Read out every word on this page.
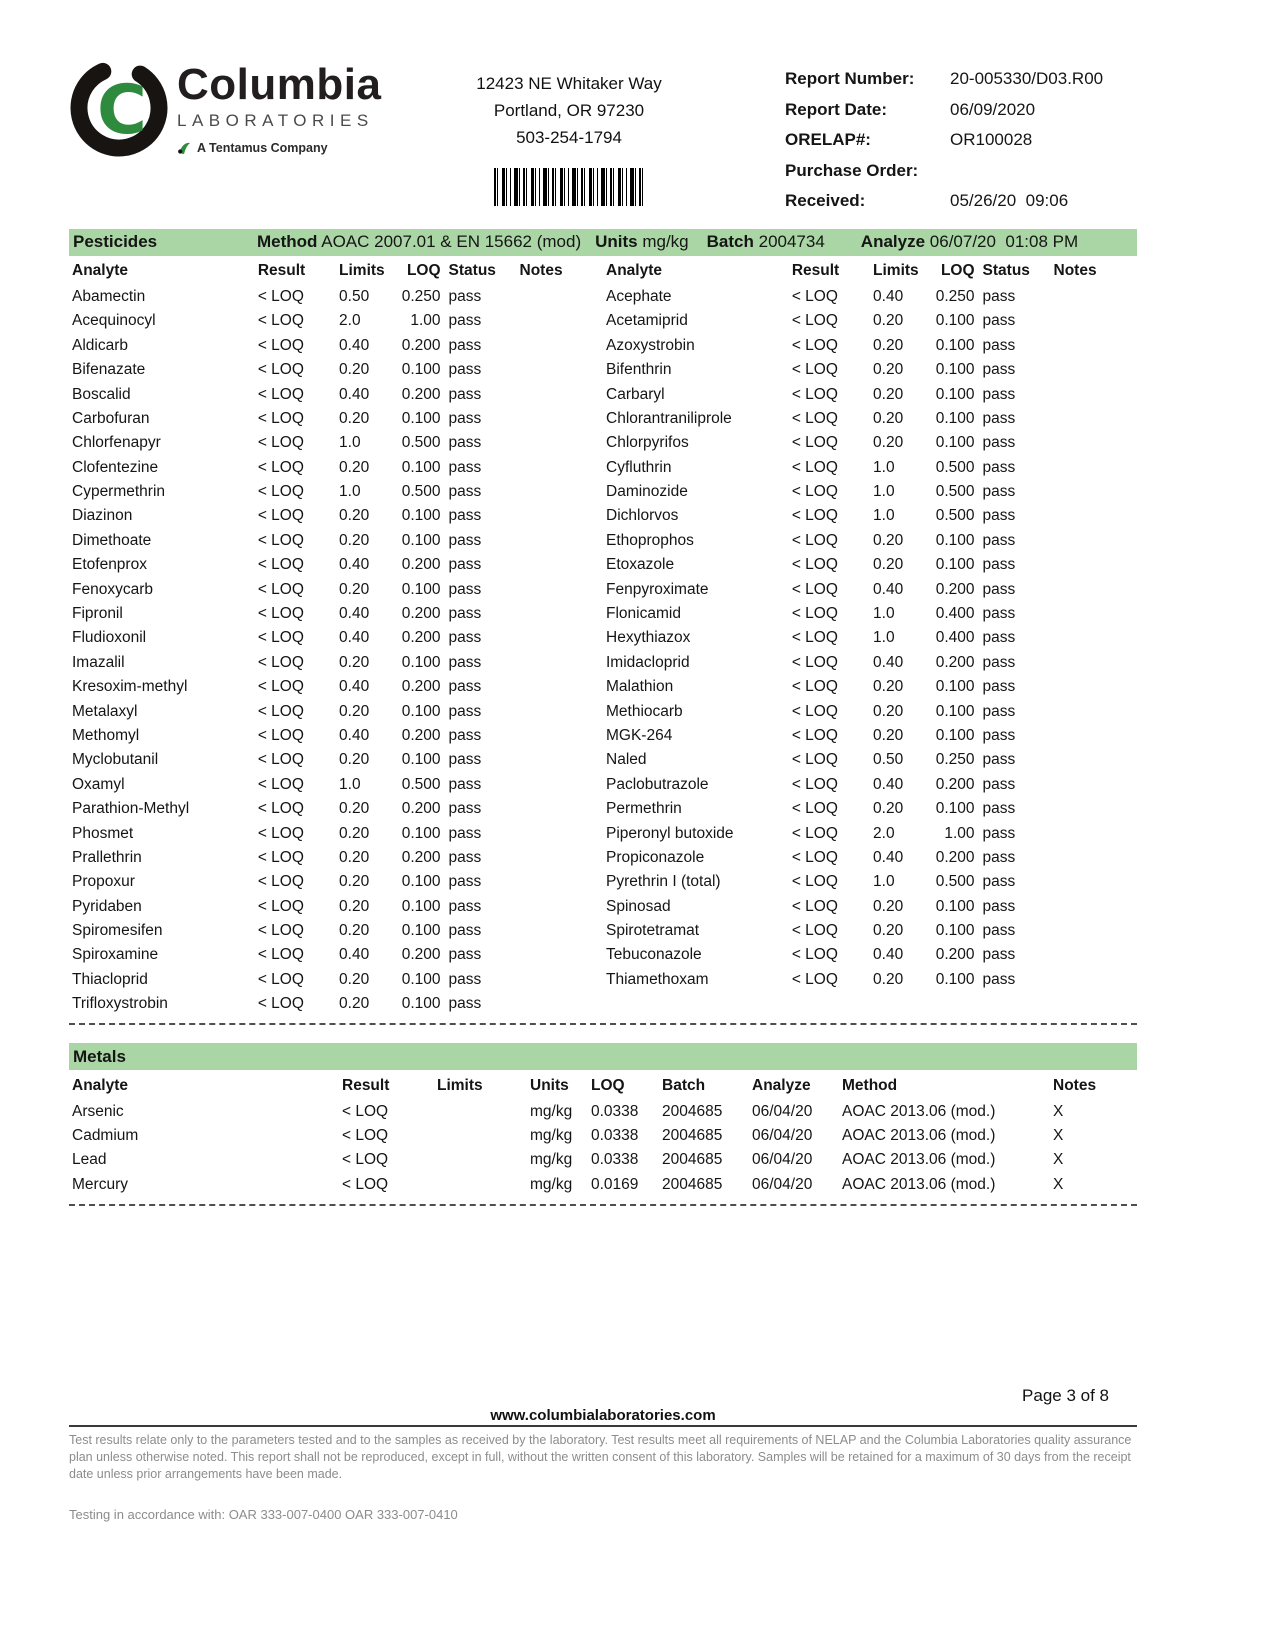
C Columbia
LABORATORIES
A Tentamus Company
12423 NE Whitaker Way
Portland, OR 97230
503-254-1794
Report Number:	20-005330/D03.R00
Report Date:	06/09/2020
ORELAP#:	OR100028
Purchase Order:
Received:	05/26/20  09:06
Pesticides	Method AOAC 2007.01 & EN 15662 (mod) Units mg/kg Batch 2004734 Analyze 06/07/20  01:08 PM
Analyte	Result	Limits	LOQ	Status	Notes
Abamectin	< LOQ	0.50	0.250	pass	
Acequinocyl	< LOQ	2.0	1.00	pass	
Aldicarb	< LOQ	0.40	0.200	pass	
Bifenazate	< LOQ	0.20	0.100	pass	
Boscalid	< LOQ	0.40	0.200	pass	
Carbofuran	< LOQ	0.20	0.100	pass	
Chlorfenapyr	< LOQ	1.0	0.500	pass	
Clofentezine	< LOQ	0.20	0.100	pass	
Cypermethrin	< LOQ	1.0	0.500	pass	
Diazinon	< LOQ	0.20	0.100	pass	
Dimethoate	< LOQ	0.20	0.100	pass	
Etofenprox	< LOQ	0.40	0.200	pass	
Fenoxycarb	< LOQ	0.20	0.100	pass	
Fipronil	< LOQ	0.40	0.200	pass	
Fludioxonil	< LOQ	0.40	0.200	pass	
Imazalil	< LOQ	0.20	0.100	pass	
Kresoxim-methyl	< LOQ	0.40	0.200	pass	
Metalaxyl	< LOQ	0.20	0.100	pass	
Methomyl	< LOQ	0.40	0.200	pass	
Myclobutanil	< LOQ	0.20	0.100	pass	
Oxamyl	< LOQ	1.0	0.500	pass	
Parathion-Methyl	< LOQ	0.20	0.200	pass	
Phosmet	< LOQ	0.20	0.100	pass	
Prallethrin	< LOQ	0.20	0.200	pass	
Propoxur	< LOQ	0.20	0.100	pass	
Pyridaben	< LOQ	0.20	0.100	pass	
Spiromesifen	< LOQ	0.20	0.100	pass	
Spiroxamine	< LOQ	0.40	0.200	pass	
Thiacloprid	< LOQ	0.20	0.100	pass	
Trifloxystrobin	< LOQ	0.20	0.100	pass	
Analyte	Result	Limits	LOQ	Status	Notes
Acephate	< LOQ	0.40	0.250	pass	
Acetamiprid	< LOQ	0.20	0.100	pass	
Azoxystrobin	< LOQ	0.20	0.100	pass	
Bifenthrin	< LOQ	0.20	0.100	pass	
Carbaryl	< LOQ	0.20	0.100	pass	
Chlorantraniliprole	< LOQ	0.20	0.100	pass	
Chlorpyrifos	< LOQ	0.20	0.100	pass	
Cyfluthrin	< LOQ	1.0	0.500	pass	
Daminozide	< LOQ	1.0	0.500	pass	
Dichlorvos	< LOQ	1.0	0.500	pass	
Ethoprophos	< LOQ	0.20	0.100	pass	
Etoxazole	< LOQ	0.20	0.100	pass	
Fenpyroximate	< LOQ	0.40	0.200	pass	
Flonicamid	< LOQ	1.0	0.400	pass	
Hexythiazox	< LOQ	1.0	0.400	pass	
Imidacloprid	< LOQ	0.40	0.200	pass	
Malathion	< LOQ	0.20	0.100	pass	
Methiocarb	< LOQ	0.20	0.100	pass	
MGK-264	< LOQ	0.20	0.100	pass	
Naled	< LOQ	0.50	0.250	pass	
Paclobutrazole	< LOQ	0.40	0.200	pass	
Permethrin	< LOQ	0.20	0.100	pass	
Piperonyl butoxide	< LOQ	2.0	1.00	pass	
Propiconazole	< LOQ	0.40	0.200	pass	
Pyrethrin I (total)	< LOQ	1.0	0.500	pass	
Spinosad	< LOQ	0.20	0.100	pass	
Spirotetramat	< LOQ	0.20	0.100	pass	
Tebuconazole	< LOQ	0.40	0.200	pass	
Thiamethoxam	< LOQ	0.20	0.100	pass	
Metals
Analyte	Result	Limits	Units	LOQ	Batch	Analyze	Method	Notes
Arsenic	< LOQ		mg/kg	0.0338	2004685	06/04/20	AOAC 2013.06 (mod.)	X
Cadmium	< LOQ		mg/kg	0.0338	2004685	06/04/20	AOAC 2013.06 (mod.)	X
Lead	< LOQ		mg/kg	0.0338	2004685	06/04/20	AOAC 2013.06 (mod.)	X
Mercury	< LOQ		mg/kg	0.0169	2004685	06/04/20	AOAC 2013.06 (mod.)	X
Page 3 of 8
www.columbialaboratories.com
Test results relate only to the parameters tested and to the samples as received by the laboratory. Test results meet all requirements of NELAP and the Columbia Laboratories quality assurance plan unless otherwise noted. This report shall not be reproduced, except in full, without the written consent of this laboratory. Samples will be retained for a maximum of 30 days from the receipt date unless prior arrangements have been made.
Testing in accordance with: OAR 333-007-0400 OAR 333-007-0410
